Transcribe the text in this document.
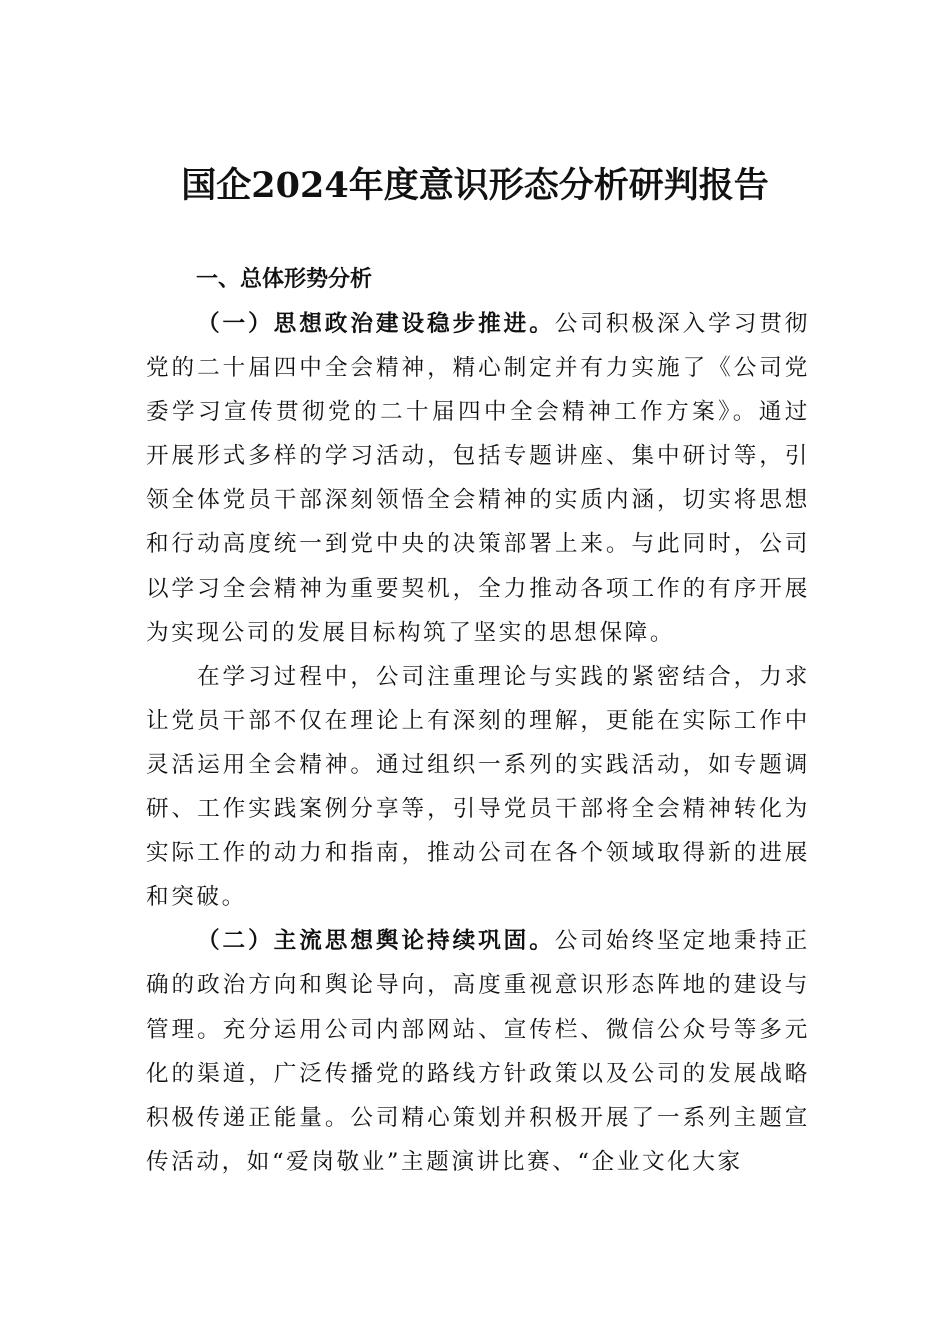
国企2024年度意识形态分析研判报告

一、总体形势分析

（一）思想政治建设稳步推进。公司积极深入学习贯彻党的二十届四中全会精神，精心制定并有力实施了《公司党委学习宣传贯彻党的二十届四中全会精神工作方案》。通过开展形式多样的学习活动，包括专题讲座、集中研讨等，引领全体党员干部深刻领悟全会精神的实质内涵，切实将思想和行动高度统一到党中央的决策部署上来。与此同时，公司以学习全会精神为重要契机，全力推动各项工作的有序开展为实现公司的发展目标构筑了坚实的思想保障。

在学习过程中，公司注重理论与实践的紧密结合，力求让党员干部不仅在理论上有深刻的理解，更能在实际工作中灵活运用全会精神。通过组织一系列的实践活动，如专题调研、工作实践案例分享等，引导党员干部将全会精神转化为实际工作的动力和指南，推动公司在各个领域取得新的进展和突破。

（二）主流思想舆论持续巩固。公司始终坚定地秉持正确的政治方向和舆论导向，高度重视意识形态阵地的建设与管理。充分运用公司内部网站、宣传栏、微信公众号等多元化的渠道，广泛传播党的路线方针政策以及公司的发展战略积极传递正能量。公司精心策划并积极开展了一系列主题宣传活动，如“爱岗敬业”主题演讲比赛、“企业文化大家
